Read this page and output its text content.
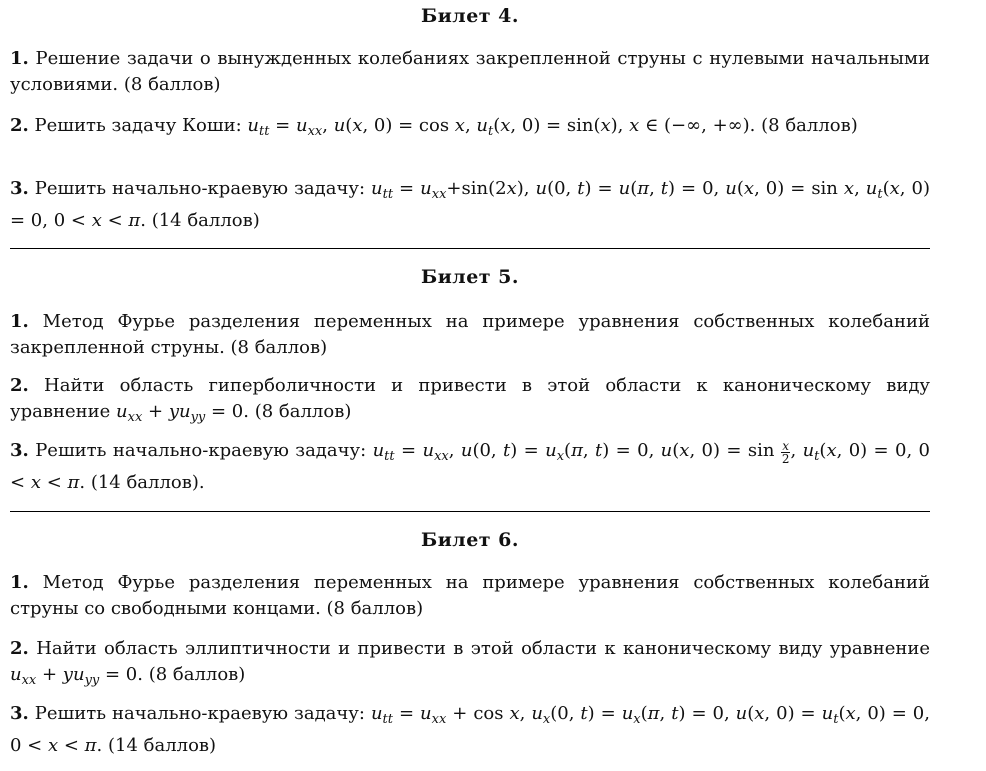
Билет 4.

1. Решение задачи о вынужденных колебаниях закрепленной струны с нулевыми начальными условиями. (8 баллов)

2. Решить задачу Коши: $u_{tt} = u_{xx}$, u(x, 0) = cos x, $u_t(x$, 0) = sin(x), x ∈ (−∞, +∞). (8 баллов)

3. Решить начально-краевую задачу: $u_{tt} = u_{xx}+\sin(2x)$, u(0, t) = u(π, t) = 0, u(x, 0) = sin x, $u_t(x$, 0) = 0, 0 < x < π. (14 баллов)

Билет 5.

1. Метод Фурье разделения переменных на примере уравнения собственных колебаний закрепленной струны. (8 баллов)

2. Найти область гиперболичности и привести в этой области к каноническому виду уравнение $u_{xx} + yu_{yy} = 0$. (8 баллов)

3. Решить начально-краевую задачу: $u_{tt} = u_{xx}$, u(0, $t) = u_x(\pi$, t) = 0, u(x, $0) = \sin \frac{x}{2}$ , $u_t(x$, 0) = 0, 0 < x < π. (14 баллов).

Билет 6.

1. Метод Фурье разделения переменных на примере уравнения собственных колебаний струны со свободными концами. (8 баллов)

2. Найти область эллиптичности и привести в этой области к каноническому виду уравнение $u_{xx} + yu_{yy} = 0$. (8 баллов)

3. Решить начально-краевую задачу: $u_{tt} = u_{xx} + \cos x$, $u_x(0$, $t) = u_x(\pi$, t) = 0, u(x, $0) = u_t(x$, 0) = 0, 0 < x < π. (14 баллов)
